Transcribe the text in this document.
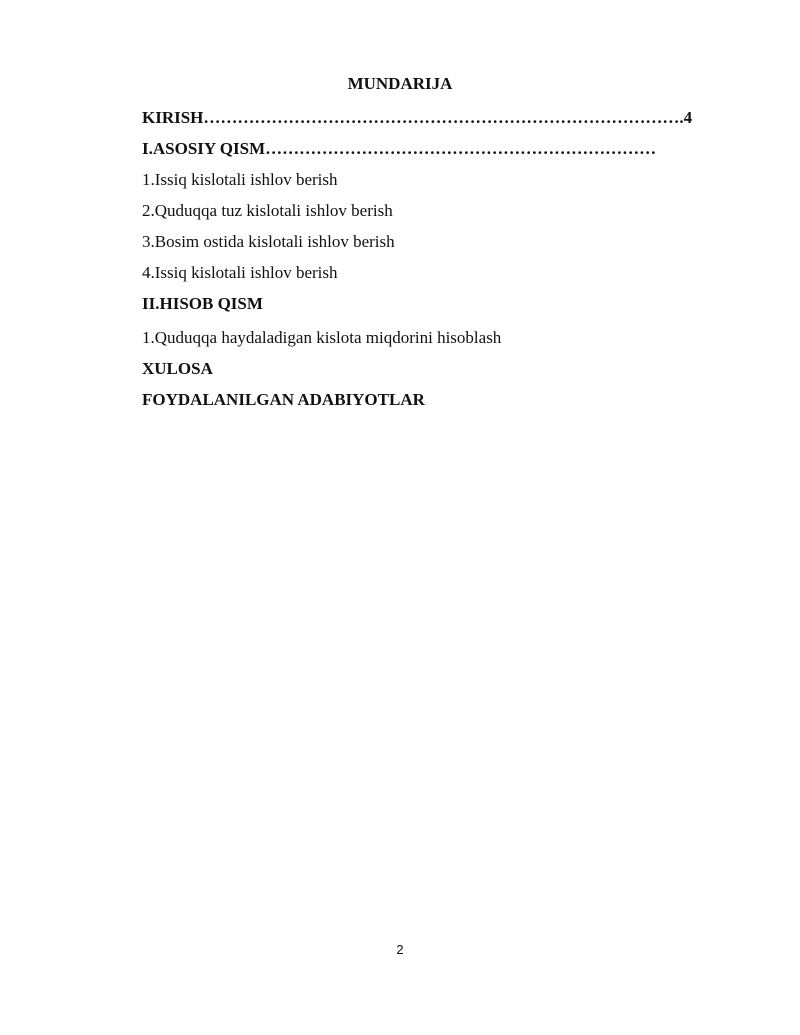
MUNDARIJA
KIRISH………………………………………………………………………….4
I.ASOSIY QISM……………………………………………………………
1.Issiq kislotali ishlov berish
2.Quduqqa tuz kislotali ishlov berish
3.Bosim ostida kislotali ishlov berish
4.Issiq kislotali ishlov berish
II.HISOB QISM
1.Quduqqa haydaladigan kislota miqdorini hisoblash
XULOSA
FOYDALANILGAN ADABIYOTLAR
2
